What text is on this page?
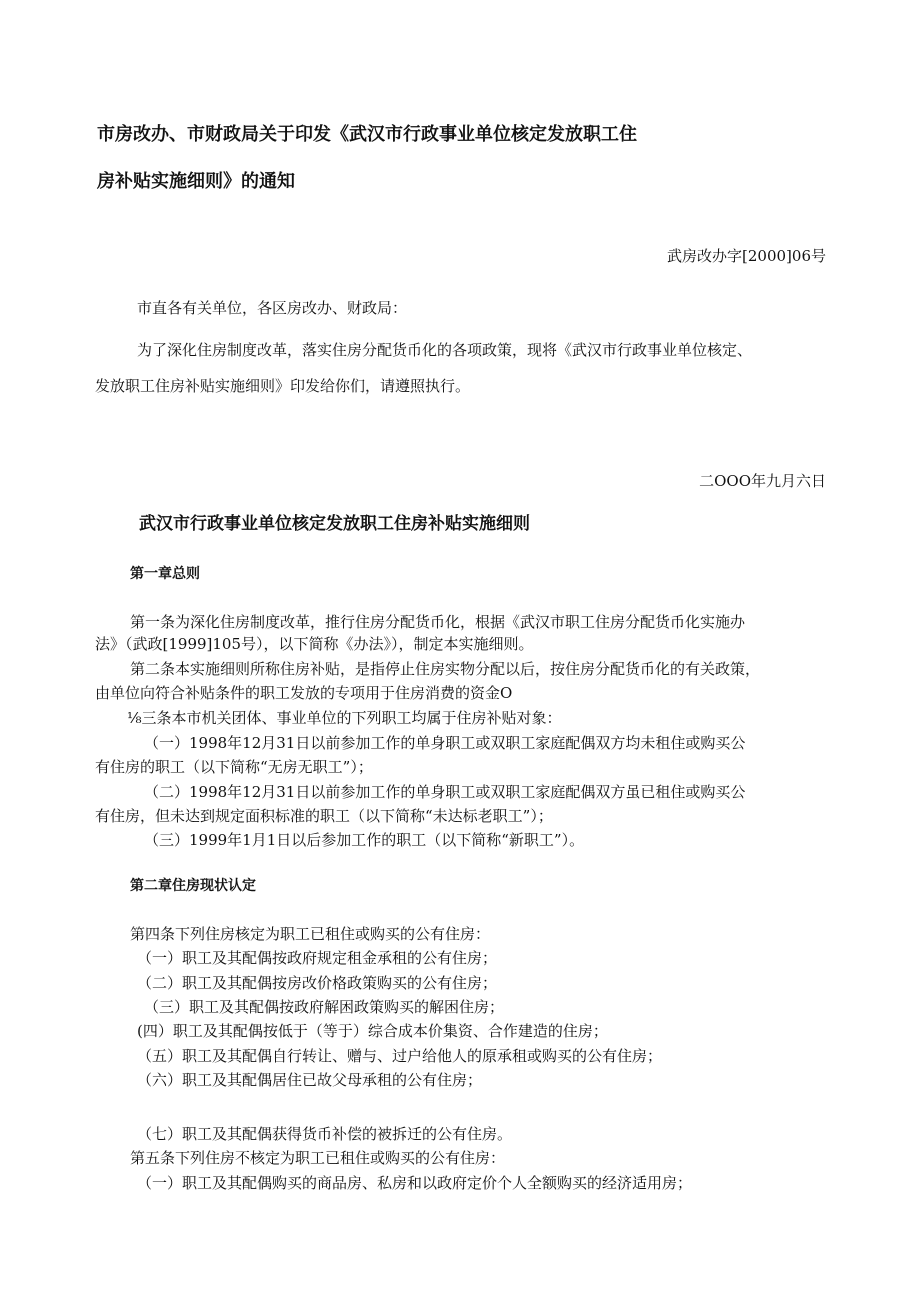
市房改办、市财政局关于印发《武汉市行政事业单位核定发放职工住
房补贴实施细则》的通知
武房改办字[2000]06号
市直各有关单位，各区房改办、财政局：
为了深化住房制度改革，落实住房分配货币化的各项政策，现将《武汉市行政事业单位核定、
发放职工住房补贴实施细则》印发给你们，请遵照执行。
二OOO年九月六日
武汉市行政事业单位核定发放职工住房补贴实施细则
第一章总则
第一条为深化住房制度改革，推行住房分配货币化，根据《武汉市职工住房分配货币化实施办
法》（武政[1999]105号），以下简称《办法》），制定本实施细则。
第二条本实施细则所称住房补贴，是指停止住房实物分配以后，按住房分配货币化的有关政策，
由单位向符合补贴条件的职工发放的专项用于住房消费的资金O
⅛三条本市机关团体、事业单位的下列职工均属于住房补贴对象：
（一）1998年12月31日以前参加工作的单身职工或双职工家庭配偶双方均未租住或购买公
有住房的职工（以下简称“无房无职工”）；
（二）1998年12月31日以前参加工作的单身职工或双职工家庭配偶双方虽已租住或购买公
有住房，但未达到规定面积标准的职工（以下简称“未达标老职工”）；
（三）1999年1月1日以后参加工作的职工（以下简称“新职工”）。
第二章住房现状认定
第四条下列住房核定为职工已租住或购买的公有住房：
（一）职工及其配偶按政府规定租金承租的公有住房；
（二）职工及其配偶按房改价格政策购买的公有住房；
（三）职工及其配偶按政府解困政策购买的解困住房；
(四）职工及其配偶按低于（等于）综合成本价集资、合作建造的住房；
（五）职工及其配偶自行转让、赠与、过户给他人的原承租或购买的公有住房；
（六）职工及其配偶居住已故父母承租的公有住房；
（七）职工及其配偶获得货币补偿的被拆迁的公有住房。
第五条下列住房不核定为职工已租住或购买的公有住房：
（一）职工及其配偶购买的商品房、私房和以政府定价个人全额购买的经济适用房；
